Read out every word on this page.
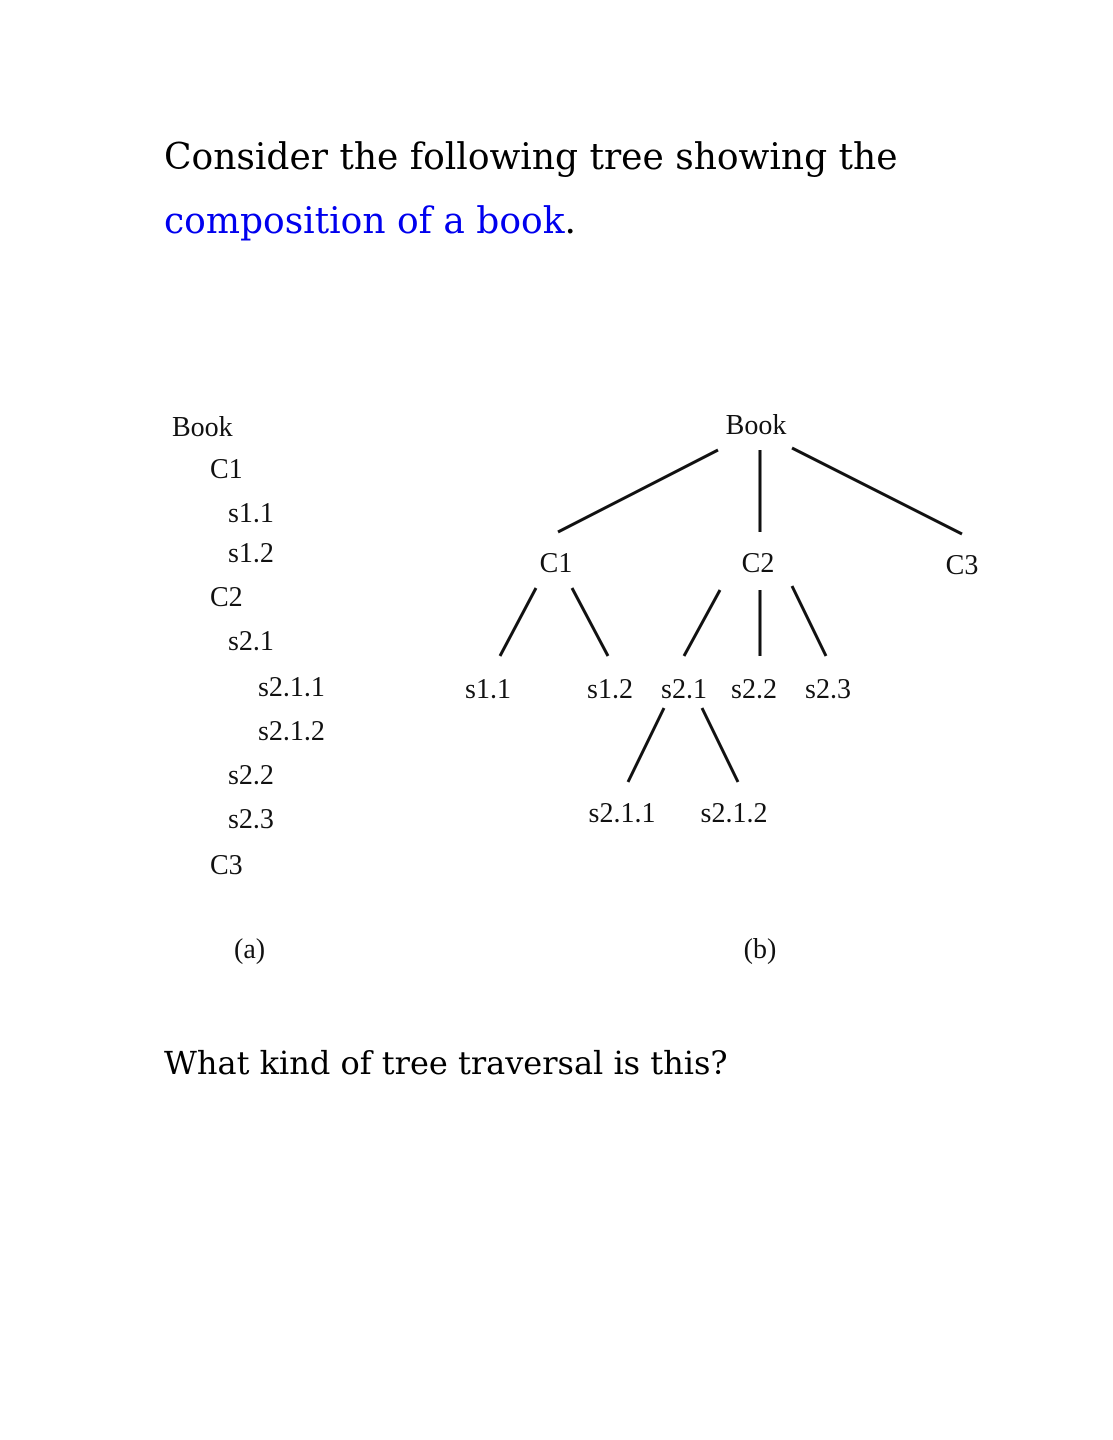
Consider the following tree showing the composition of a book.

Book
C1
s1.1
s1.2
C2
s2.1
s2.1.1
s2.1.2
s2.2
s2.3
C3
(a)
Book
C1	C2	C3
s1.1	s1.2 s2.1 s2.2 s2.3
s2.1.1 s2.1.2
(b)

What kind of tree traversal is this?
